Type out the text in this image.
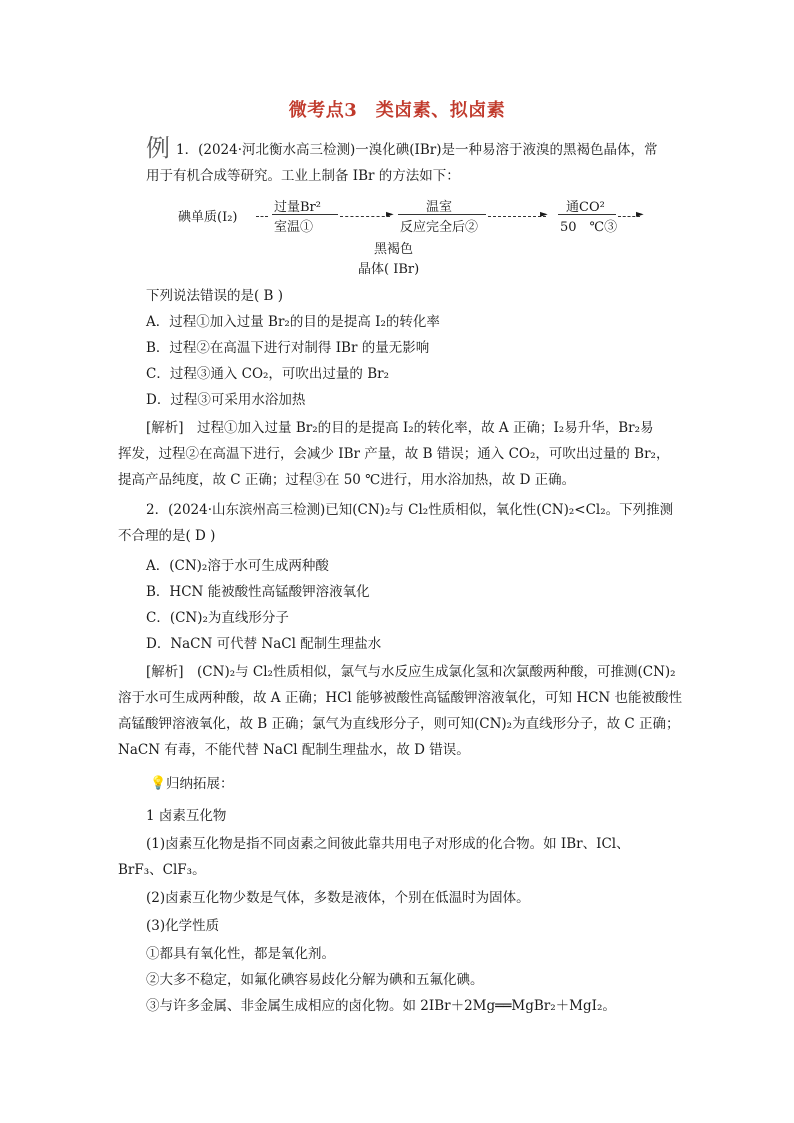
微考点3　类卤素、拟卤素
例 1．(2024·河北衡水高三检测)一溴化碘(IBr)是一种易溶于液溴的黑褐色晶体，常
用于有机合成等研究。工业上制备 IBr 的方法如下：
碘单质(I₂)
过量Br²
室温①
► 温室
反应完全后②
► 通CO²
50　℃③
►
黑褐色
晶体( IBr)
下列说法错误的是( B )
A．过程①加入过量 Br₂的目的是提高 I₂的转化率
B．过程②在高温下进行对制得 IBr 的量无影响
C．过程③通入 CO₂，可吹出过量的 Br₂
D．过程③可采用水浴加热
[解析]　过程①加入过量 Br₂的目的是提高 I₂的转化率，故 A 正确；I₂易升华，Br₂易
挥发，过程②在高温下进行，会减少 IBr 产量，故 B 错误；通入 CO₂，可吹出过量的 Br₂，
提高产品纯度，故 C 正确；过程③在 50 ℃进行，用水浴加热，故 D 正确。
2．(2024·山东滨州高三检测)已知(CN)₂与 Cl₂性质相似，氧化性(CN)₂<Cl₂。下列推测
不合理的是( D )
A．(CN)₂溶于水可生成两种酸
B．HCN 能被酸性高锰酸钾溶液氧化
C．(CN)₂为直线形分子
D．NaCN 可代替 NaCl 配制生理盐水
[解析]　(CN)₂与 Cl₂性质相似，氯气与水反应生成氯化氢和次氯酸两种酸，可推测(CN)₂
溶于水可生成两种酸，故 A 正确；HCl 能够被酸性高锰酸钾溶液氧化，可知 HCN 也能被酸性
高锰酸钾溶液氧化，故 B 正确；氯气为直线形分子，则可知(CN)₂为直线形分子，故 C 正确；
NaCN 有毒，不能代替 NaCl 配制生理盐水，故 D 错误。
💡 归纳拓展：
1 卤素互化物
(1)卤素互化物是指不同卤素之间彼此靠共用电子对形成的化合物。如 IBr、ICl、
BrF₃、ClF₃。
(2)卤素互化物少数是气体，多数是液体，个别在低温时为固体。
(3)化学性质
①都具有氧化性，都是氧化剂。
②大多不稳定，如氟化碘容易歧化分解为碘和五氟化碘。
③与许多金属、非金属生成相应的卤化物。如 2IBr＋2Mg══MgBr₂＋MgI₂。
